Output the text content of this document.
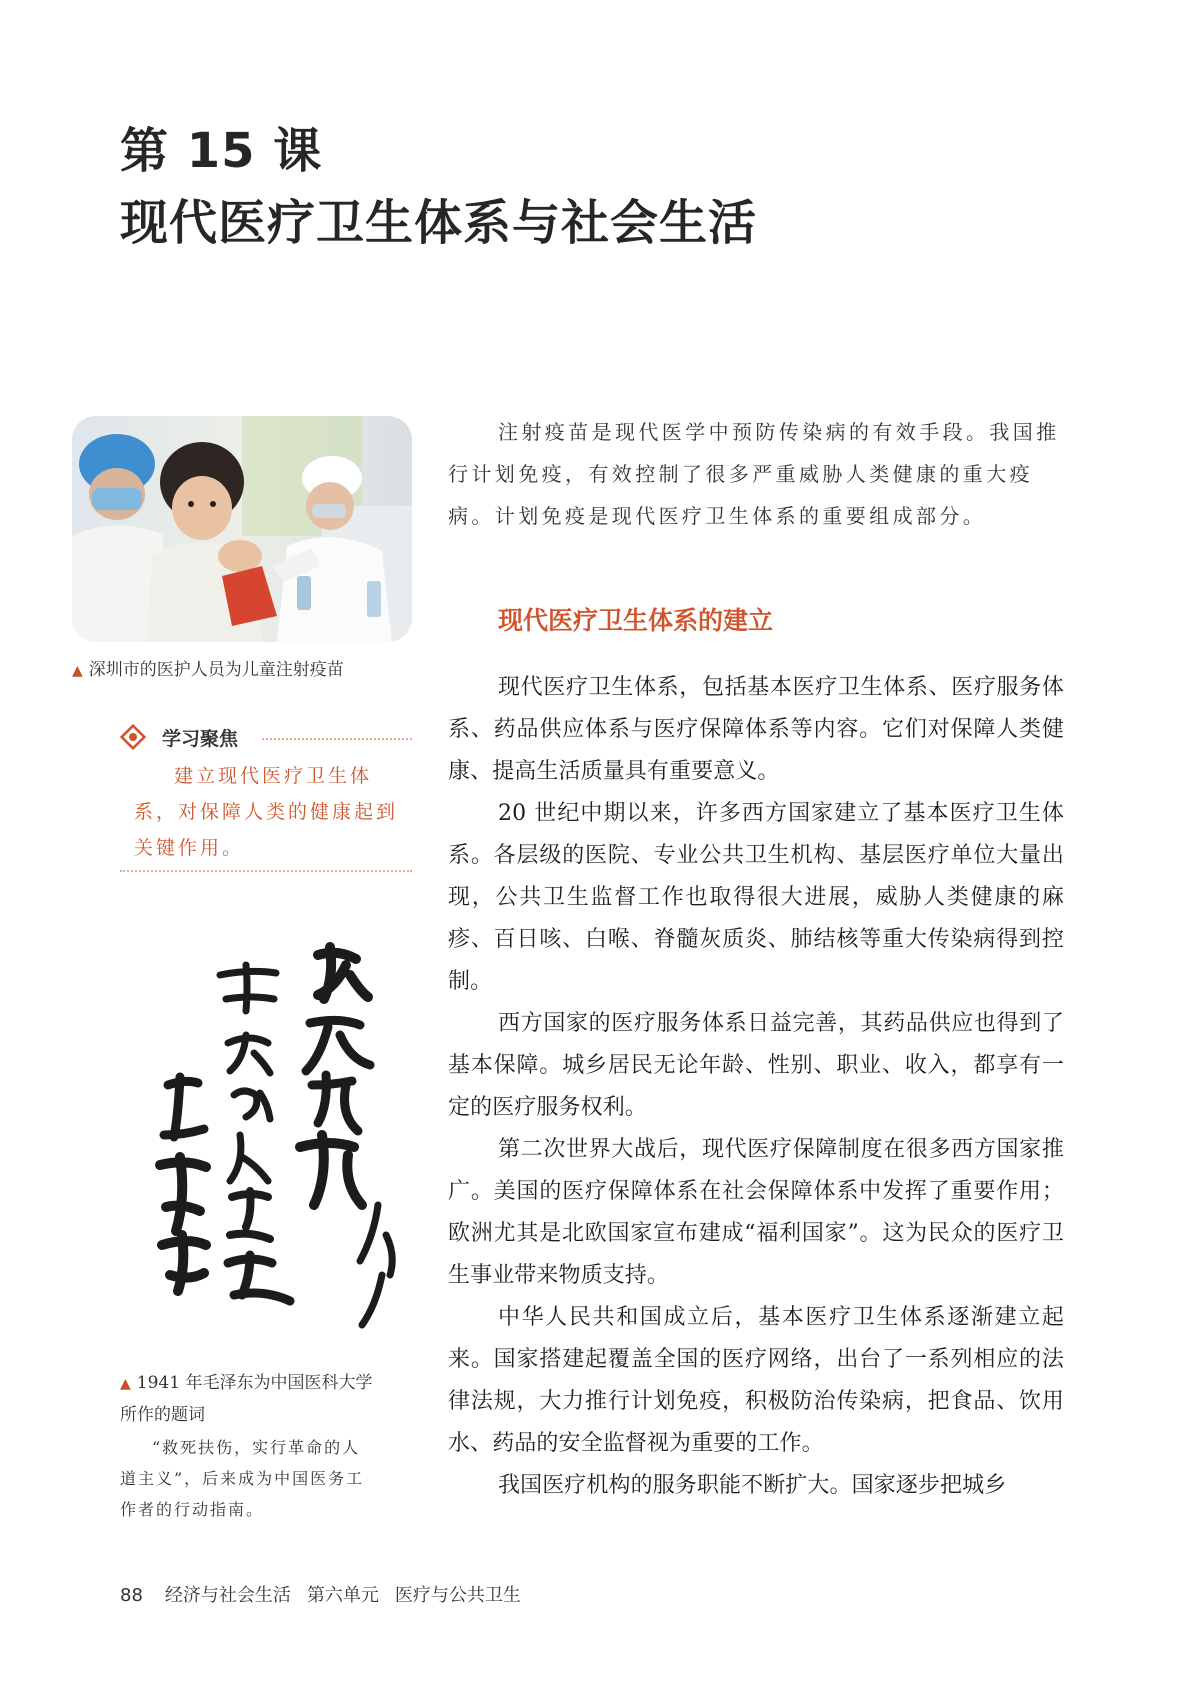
第 15 课
现代医疗卫生体系与社会生活
▲ 深圳市的医护人员为儿童注射疫苗
学习聚焦

建立现代医疗卫生体系，对保障人类的健康起到关键作用。

▲ 1941 年毛泽东为中国医科大学所作的题词

“救死扶伤，实行革命的人道主义”，后来成为中国医务工作者的行动指南。

注射疫苗是现代医学中预防传染病的有效手段。我国推行计划免疫，有效控制了很多严重威胁人类健康的重大疫病。计划免疫是现代医疗卫生体系的重要组成部分。

现代医疗卫生体系的建立

现代医疗卫生体系，包括基本医疗卫生体系、医疗服务体系、药品供应体系与医疗保障体系等内容。它们对保障人类健康、提高生活质量具有重要意义。

20 世纪中期以来，许多西方国家建立了基本医疗卫生体系。各层级的医院、专业公共卫生机构、基层医疗单位大量出现，公共卫生监督工作也取得很大进展，威胁人类健康的麻疹、百日咳、白喉、脊髓灰质炎、肺结核等重大传染病得到控制。

西方国家的医疗服务体系日益完善，其药品供应也得到了基本保障。城乡居民无论年龄、性别、职业、收入，都享有一定的医疗服务权利。

第二次世界大战后，现代医疗保障制度在很多西方国家推广。美国的医疗保障体系在社会保障体系中发挥了重要作用；欧洲尤其是北欧国家宣布建成“福利国家”。这为民众的医疗卫生事业带来物质支持。

中华人民共和国成立后，基本医疗卫生体系逐渐建立起来。国家搭建起覆盖全国的医疗网络，出台了一系列相应的法律法规，大力推行计划免疫，积极防治传染病，把食品、饮用水、药品的安全监督视为重要的工作。

我国医疗机构的服务职能不断扩大。国家逐步把城乡

88 经济与社会生活 第六单元 医疗与公共卫生
